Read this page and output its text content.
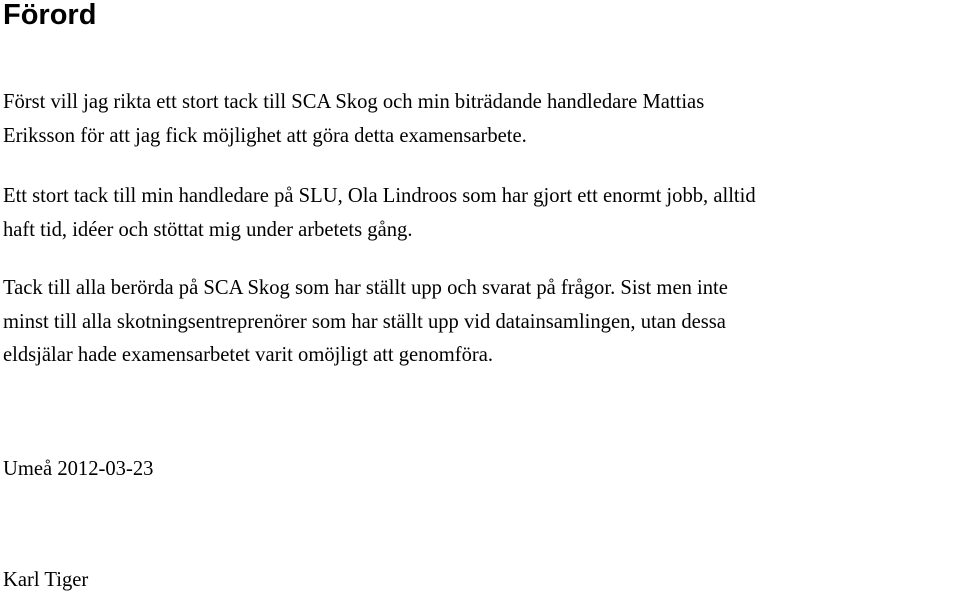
Förord

Först vill jag rikta ett stort tack till SCA Skog och min biträdande handledare Mattias
Eriksson för att jag fick möjlighet att göra detta examensarbete.

Ett stort tack till min handledare på SLU, Ola Lindroos som har gjort ett enormt jobb, alltid
haft tid, idéer och stöttat mig under arbetets gång.

Tack till alla berörda på SCA Skog som har ställt upp och svarat på frågor. Sist men inte
minst till alla skotningsentreprenörer som har ställt upp vid datainsamlingen, utan dessa
eldsjälar hade examensarbetet varit omöjligt att genomföra.

Umeå 2012-03-23

Karl Tiger
